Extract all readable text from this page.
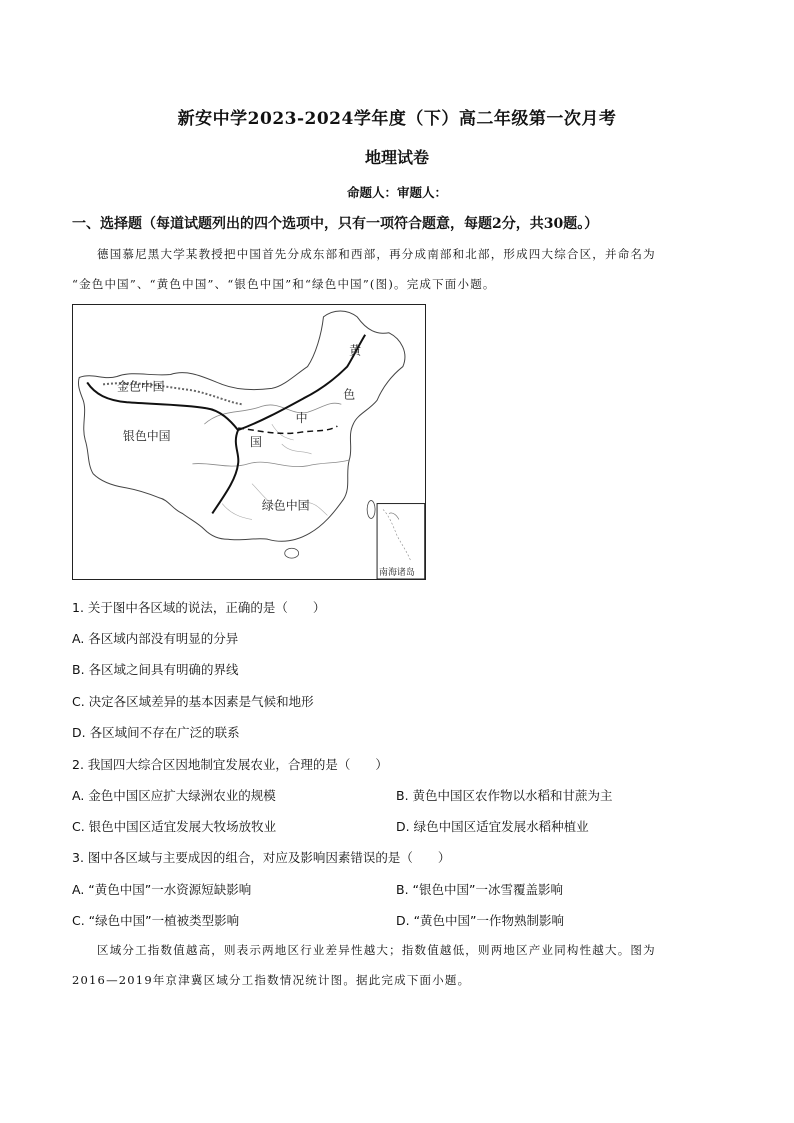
新安中学2023-2024学年度（下）高二年级第一次月考
地理试卷
命题人：审题人：
一、选择题（每道试题列出的四个选项中，只有一项符合题意，每题2分，共30题。）
德国慕尼黑大学某教授把中国首先分成东部和西部，再分成南部和北部，形成四大综合区，并命名为
“金色中国”、“黄色中国”、“银色中国”和“绿色中国”(图)。完成下面小题。
金色中国
银色中国
绿色中国
黄
色
中
国
南海诸岛
1. 关于图中各区域的说法，正确的是（　　）
A. 各区域内部没有明显的分异
B. 各区域之间具有明确的界线
C. 决定各区域差异的基本因素是气候和地形
D. 各区域间不存在广泛的联系
2. 我国四大综合区因地制宜发展农业，合理的是（　　）
A. 金色中国区应扩大绿洲农业的规模	B. 黄色中国区农作物以水稻和甘蔗为主
C. 银色中国区适宜发展大牧场放牧业	D. 绿色中国区适宜发展水稻种植业
3. 图中各区域与主要成因的组合，对应及影响因素错误的是（　　）
A. “黄色中国”一水资源短缺影响	B. “银色中国”一冰雪覆盖影响
C. “绿色中国”一植被类型影响	D. “黄色中国”一作物熟制影响
区域分工指数值越高，则表示两地区行业差异性越大；指数值越低，则两地区产业同构性越大。图为
2016—2019年京津冀区域分工指数情况统计图。据此完成下面小题。
